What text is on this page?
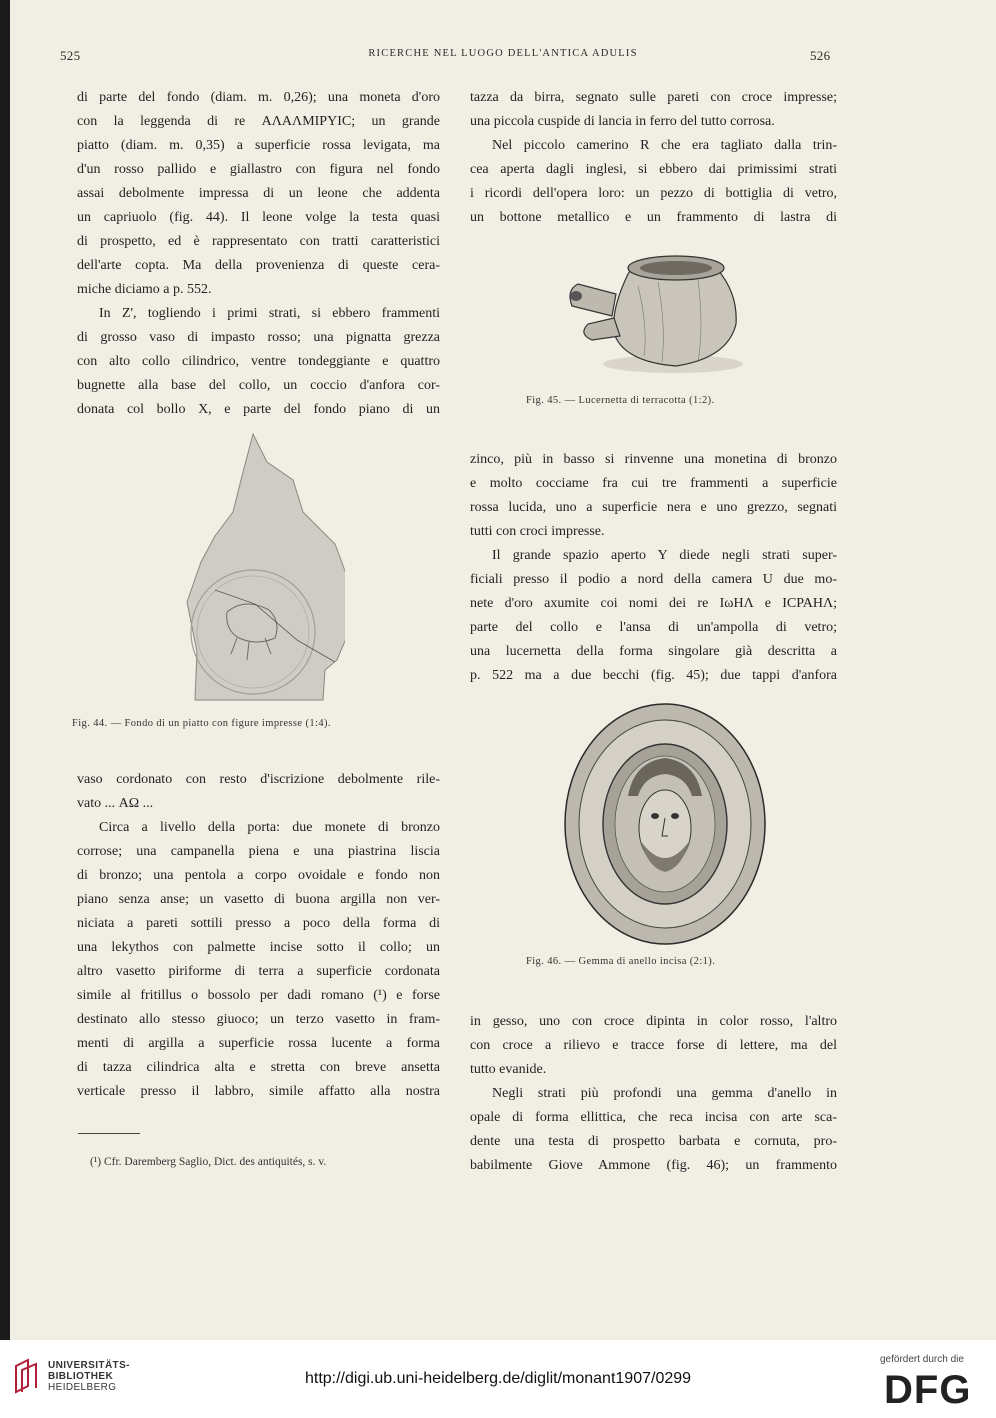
525	RICERCHE NEL LUOGO DELL'ANTICA ADULIS	526

di parte del fondo (diam. m. 0,26); una moneta d'oro

con la leggenda di re ΑΛΑΛΜΙΡΥΙϹ; un grande

piatto (diam. m. 0,35) a superficie rossa levigata, ma

d'un rosso pallido e giallastro con figura nel fondo

assai debolmente impressa di un leone che addenta

un capriuolo (fig. 44). Il leone volge la testa quasi

di prospetto, ed è rappresentato con tratti caratteristici

dell'arte copta. Ma della provenienza di queste cera-

miche diciamo a p. 552.

In Z', togliendo i primi strati, si ebbero frammenti

di grosso vaso di impasto rosso; una pignatta grezza

con alto collo cilindrico, ventre tondeggiante e quattro

bugnette alla base del collo, un coccio d'anfora cor-

donata col bollo X, e parte del fondo piano di un

Fig. 44. — Fondo di un piatto con figure impresse (1:4).

vaso cordonato con resto d'iscrizione debolmente rile-

vato ... ΑΩ ...

Circa a livello della porta: due monete di bronzo

corrose; una campanella piena e una piastrina liscia

di bronzo; una pentola a corpo ovoidale e fondo non

piano senza anse; un vasetto di buona argilla non ver-

niciata a pareti sottili presso a poco della forma di

una lekythos con palmette incise sotto il collo; un

altro vasetto piriforme di terra a superficie cordonata

simile al fritillus o bossolo per dadi romano (¹) e forse

destinato allo stesso giuoco; un terzo vasetto in fram-

menti di argilla a superficie rossa lucente a forma

di tazza cilindrica alta e stretta con breve ansetta

verticale presso il labbro, simile affatto alla nostra

(¹) Cfr. Daremberg Saglio, Dict. des antiquités, s. v.

tazza da birra, segnato sulle pareti con croce impresse;

una piccola cuspide di lancia in ferro del tutto corrosa.

Nel piccolo camerino R che era tagliato dalla trin-

cea aperta dagli inglesi, si ebbero dai primissimi strati

i ricordi dell'opera loro: un pezzo di bottiglia di vetro,

un bottone metallico e un frammento di lastra di

Fig. 45. — Lucernetta di terracotta (1:2).

zinco, più in basso si rinvenne una monetina di bronzo

e molto cocciame fra cui tre frammenti a superficie

rossa lucida, uno a superficie nera e uno grezzo, segnati

tutti con croci impresse.

Il grande spazio aperto Y diede negli strati super-

ficiali presso il podio a nord della camera U due mo-

nete d'oro axumite coi nomi dei re ΙωΗΛ e ΙϹΡΑΗΛ;

parte del collo e l'ansa di un'ampolla di vetro;

una lucernetta della forma singolare già descritta a

p. 522 ma a due becchi (fig. 45); due tappi d'anfora

Fig. 46. — Gemma di anello incisa (2:1).

in gesso, uno con croce dipinta in color rosso, l'altro

con croce a rilievo e tracce forse di lettere, ma del

tutto evanide.

Negli strati più profondi una gemma d'anello in

opale di forma ellittica, che reca incisa con arte sca-

dente una testa di prospetto barbata e cornuta, pro-

babilmente Giove Ammone (fig. 46); un frammento

UNIVERSITÄTS-
BIBLIOTHEK
HEIDELBERG
http://digi.ub.uni-heidelberg.de/diglit/monant1907/0299
gefördert durch die
DFG
